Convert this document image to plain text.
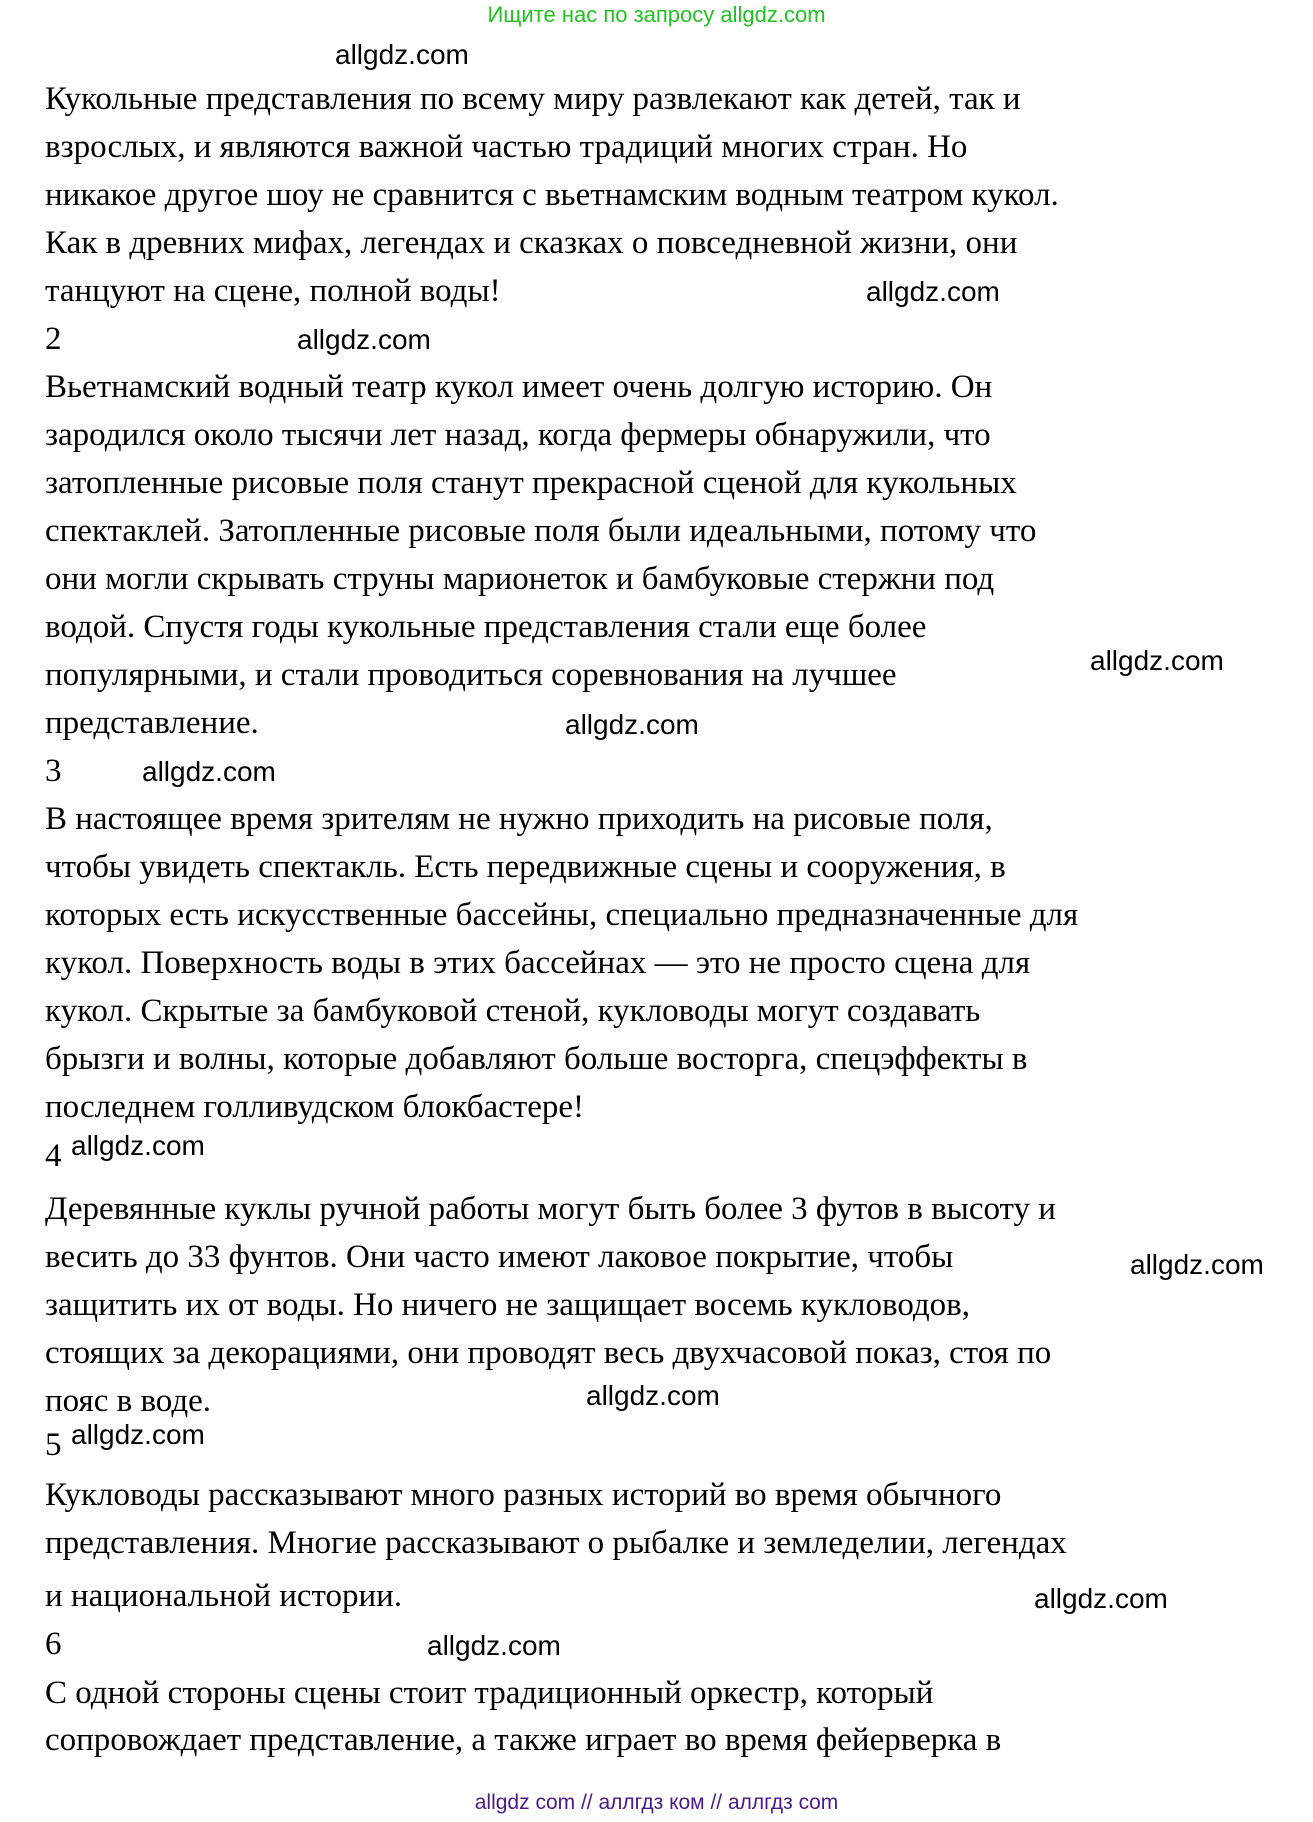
Ищите нас по запросу allgdz.com
allgdz.com
Кукольные представления по всему миру развлекают как детей, так и
взрослых, и являются важной частью традиций многих стран. Но
никакое другое шоу не сравнится с вьетнамским водным театром кукол.
Как в древних мифах, легендах и сказках о повседневной жизни, они
танцуют на сцене, полной воды!	allgdz.com
2	allgdz.com
Вьетнамский водный театр кукол имеет очень долгую историю. Он
зародился около тысячи лет назад, когда фермеры обнаружили, что
затопленные рисовые поля станут прекрасной сценой для кукольных
спектаклей. Затопленные рисовые поля были идеальными, потому что
они могли скрывать струны марионеток и бамбуковые стержни под
водой. Спустя годы кукольные представления стали еще более
популярными, и стали проводиться соревнования на лучшее	allgdz.com
представление.	allgdz.com
3	allgdz.com
В настоящее время зрителям не нужно приходить на рисовые поля,
чтобы увидеть спектакль. Есть передвижные сцены и сооружения, в
которых есть искусственные бассейны, специально предназначенные для
кукол. Поверхность воды в этих бассейнах — это не просто сцена для
кукол. Скрытые за бамбуковой стеной, кукловоды могут создавать
брызги и волны, которые добавляют больше восторга, спецэффекты в
последнем голливудском блокбастере!
4 allgdz.com
Деревянные куклы ручной работы могут быть более 3 футов в высоту и
весить до 33 фунтов. Они часто имеют лаковое покрытие, чтобы	allgdz.com
защитить их от воды. Но ничего не защищает восемь кукловодов,
стоящих за декорациями, они проводят весь двухчасовой показ, стоя по
allgdz.com
пояс в воде.
5 allgdz.com
Кукловоды рассказывают много разных историй во время обычного
представления. Многие рассказывают о рыбалке и земледелии, легендах
и национальной истории.	allgdz.com
6	allgdz.com
С одной стороны сцены стоит традиционный оркестр, который
сопровождает представление, а также играет во время фейерверка в
allgdz com // аллгдз ком // аллгдз com
